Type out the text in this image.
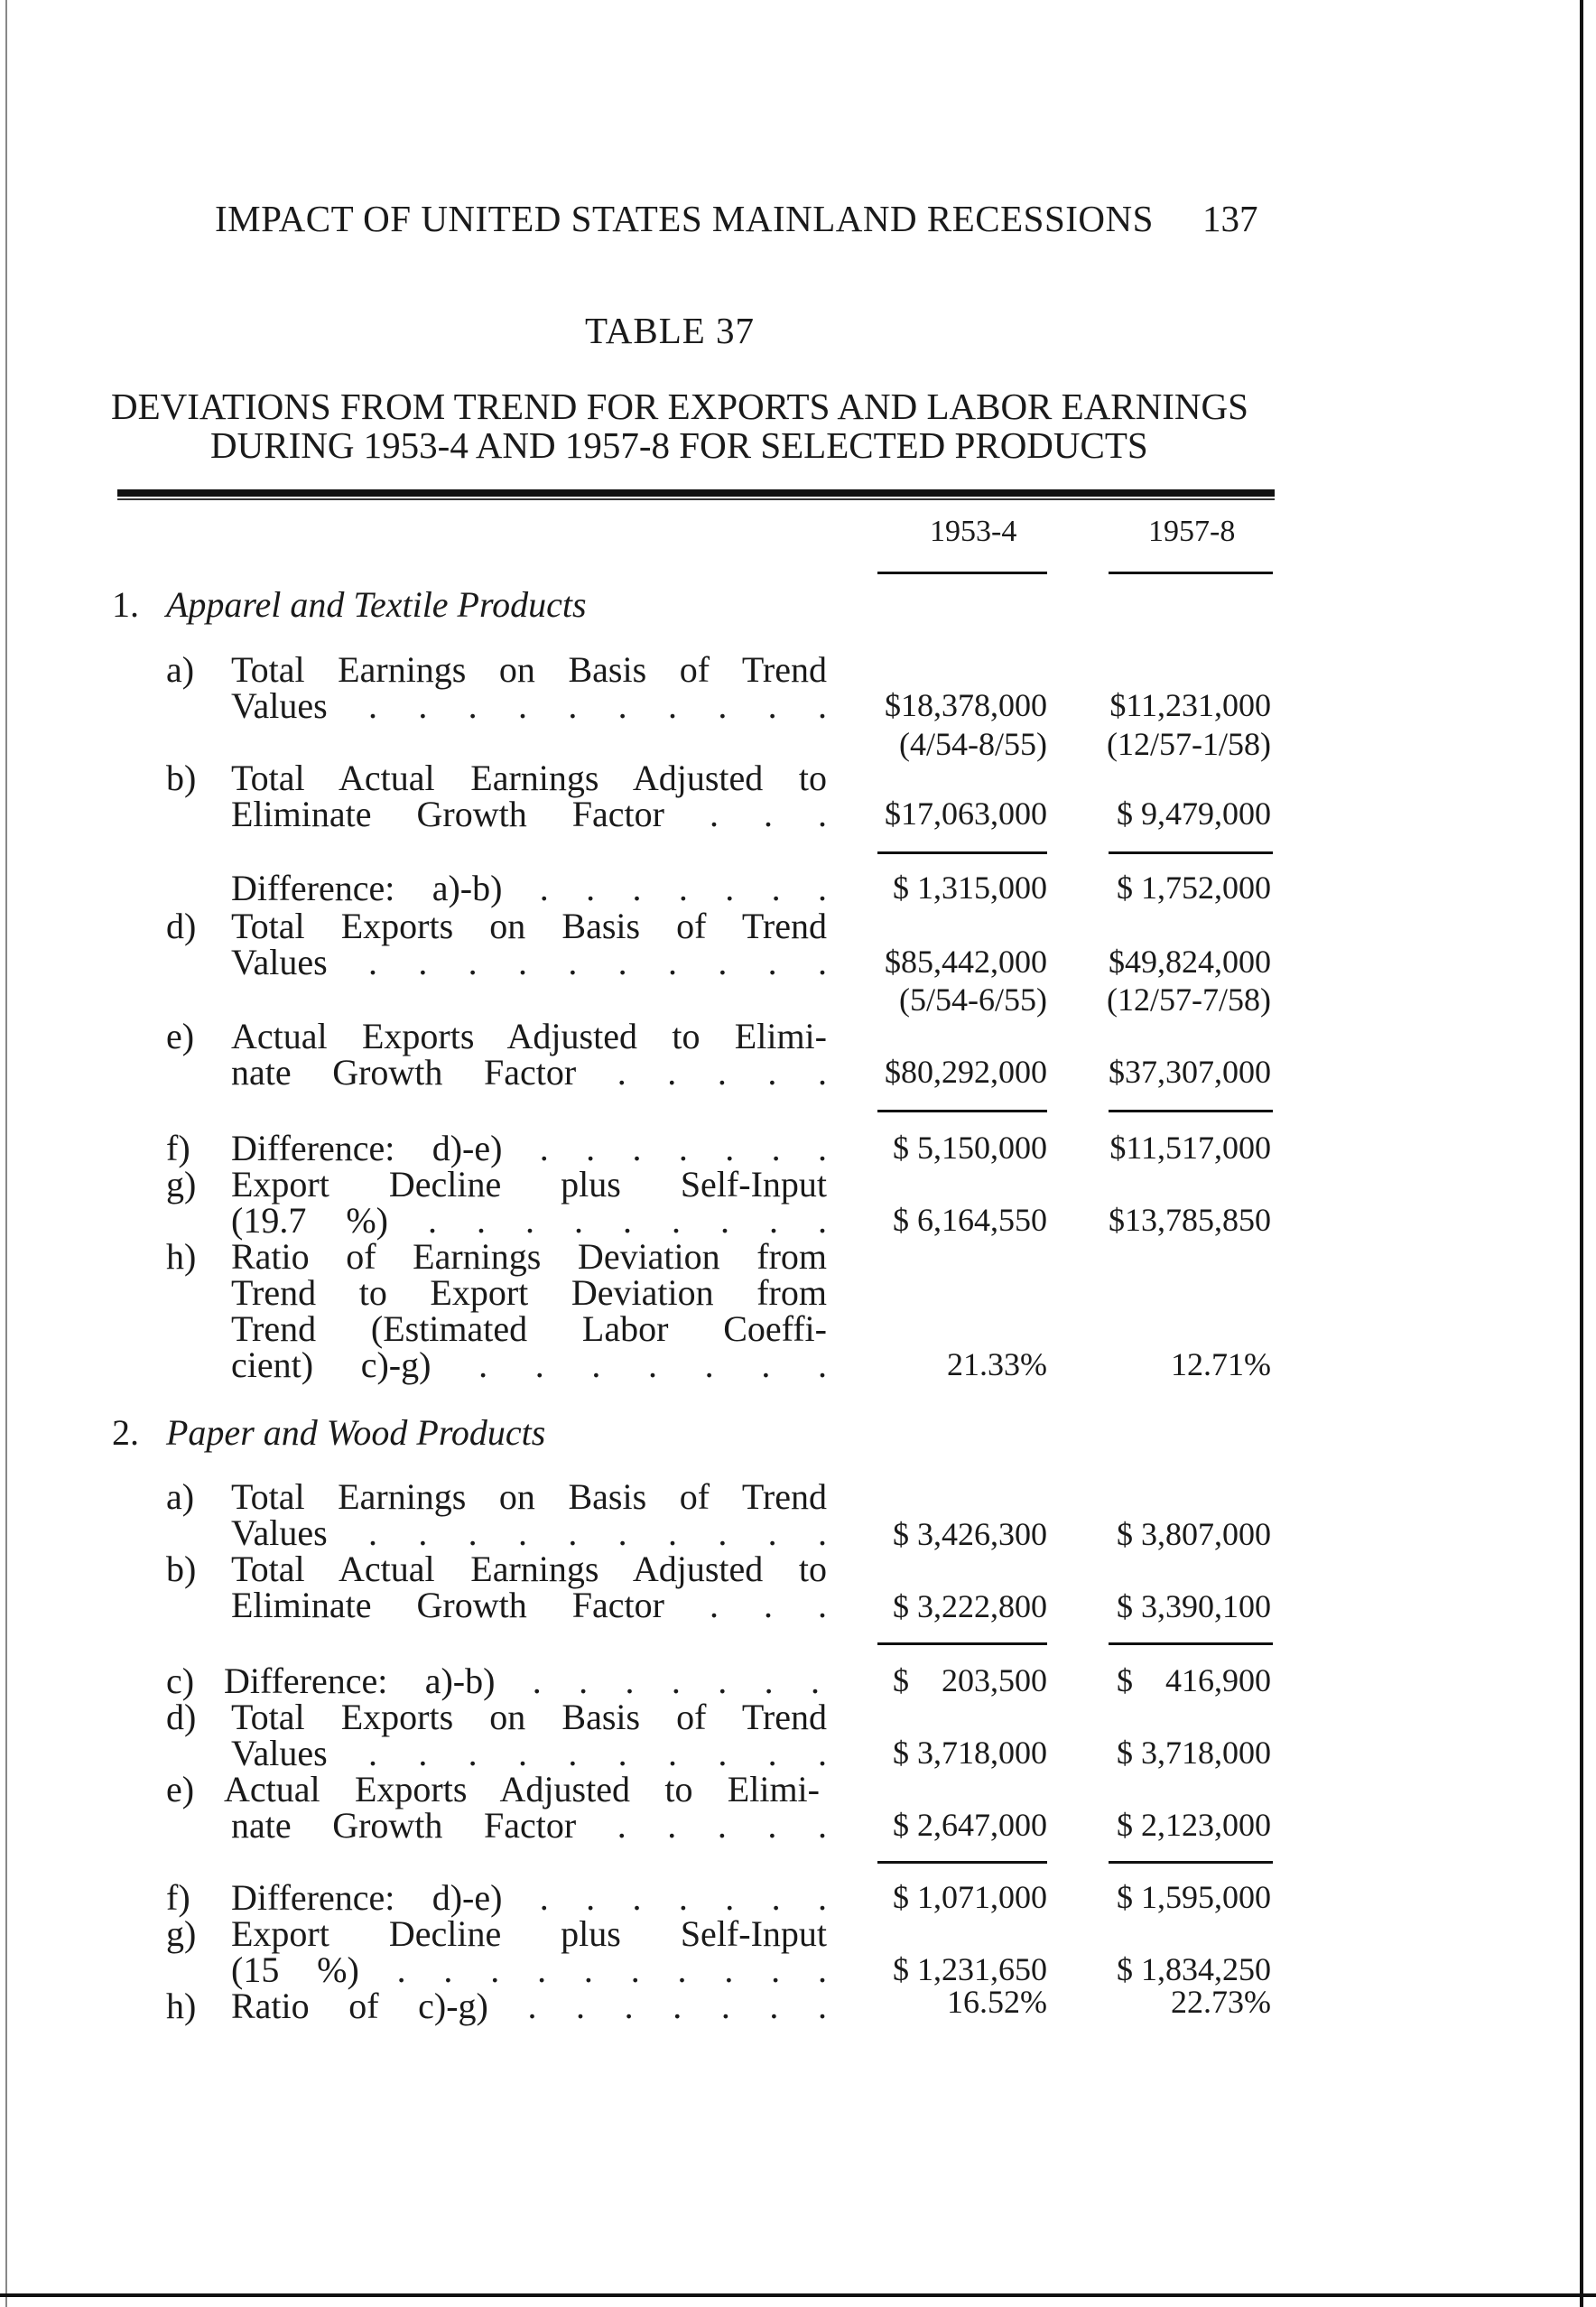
IMPACT OF UNITED STATES MAINLAND RECESSIONS 137
TABLE 37
DEVIATIONS FROM TREND FOR EXPORTS AND LABOR EARNINGS
DURING 1953-4 AND 1957-8 FOR SELECTED PRODUCTS
1953-4	1957-8
1. Apparel and Textile Products
a)	Total Earnings on Basis of Trend
Values . . . . . . . . . .	$18,378,000	$11,231,000
(4/54-8/55) (12/57-1/58)
b) Total Actual Earnings Adjusted to
Eliminate Growth Factor . . .	$17,063,000	$ 9,479,000
Difference: a)-b) . . . . . . .	$ 1,315,000	$ 1,752,000
d) Total Exports on Basis of Trend
Values . . . . . . . . . .	$85,442,000 $49,824,000
(5/54-6/55) (12/57-7/58)
e)	Actual Exports Adjusted to Elimi-
nate Growth Factor . . . . .	$80,292,000 $37,307,000
f)	Difference: d)-e) . . . . . . .	$ 5,150,000	$11,517,000
g) Export Decline plus Self-Input
(19.7 %) . . . . . . . . .	$ 6,164,550 $13,785,850
h) Ratio of Earnings Deviation from
Trend to Export Deviation from
Trend (Estimated Labor Coeffi-
cient) c)-g) . . . . . . .	21.33%	12.71%
2. Paper and Wood Products
a)	Total Earnings on Basis of Trend
Values . . . . . . . . . .	$ 3,426,300	$ 3,807,000
b) Total Actual Earnings Adjusted to
Eliminate Growth Factor . . .	$ 3,222,800	$ 3,390,100
c) Difference: a)-b) . . . . . . .	$    203,500	$    416,900
d) Total Exports on Basis of Trend
Values . . . . . . . . . .	$ 3,718,000	$ 3,718,000
e) Actual Exports Adjusted to Elimi-
nate Growth Factor . . . . .	$ 2,647,000	$ 2,123,000
f)	Difference: d)-e) . . . . . . .	$ 1,071,000	$ 1,595,000
g) Export Decline plus Self-Input
(15 %) . . . . . . . . . .	$ 1,231,650	$ 1,834,250
h) Ratio of c)-g) . . . . . . .	16.52%	22.73%
